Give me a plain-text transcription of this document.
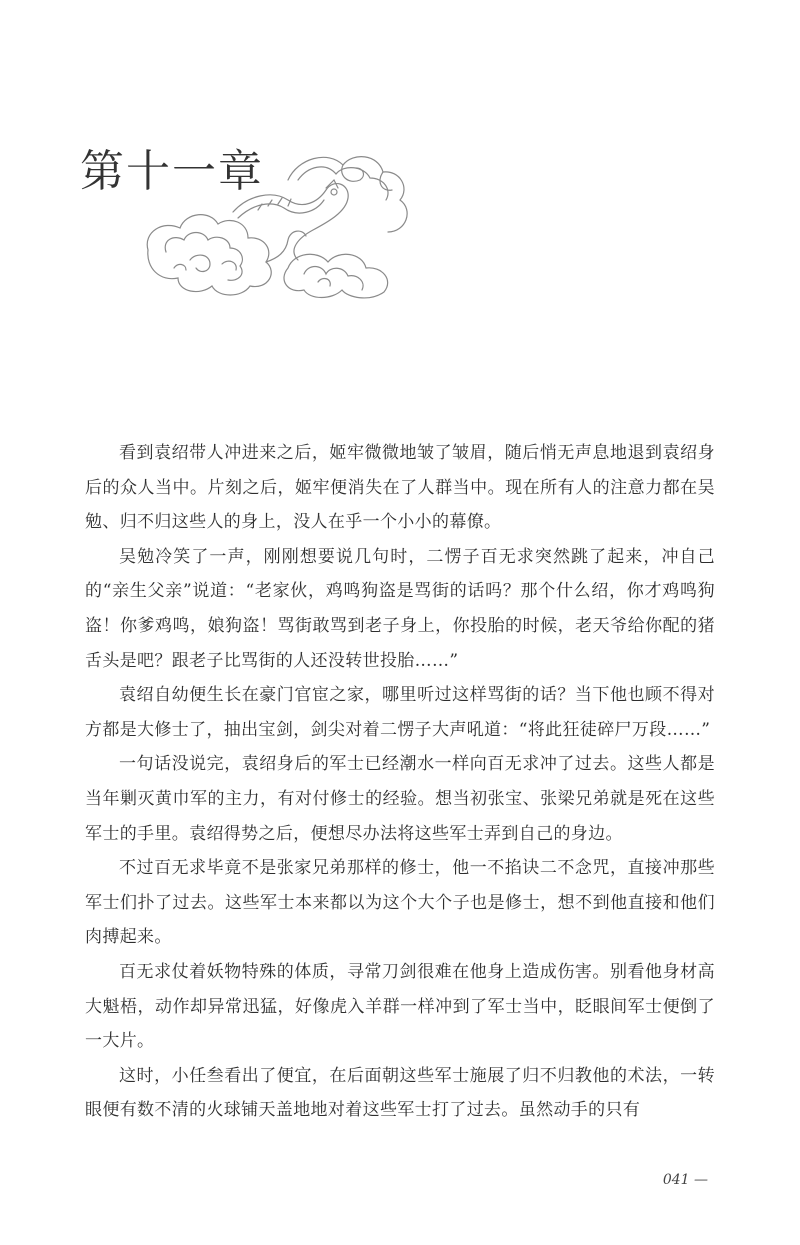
第十一章

看到袁绍带人冲进来之后，姬牢微微地皱了皱眉，随后悄无声息地退到袁绍身后的众人当中。片刻之后，姬牢便消失在了人群当中。现在所有人的注意力都在吴勉、归不归这些人的身上，没人在乎一个小小的幕僚。

吴勉冷笑了一声，刚刚想要说几句时，二愣子百无求突然跳了起来，冲自己的“亲生父亲”说道：“老家伙，鸡鸣狗盗是骂街的话吗？那个什么绍，你才鸡鸣狗盗！你爹鸡鸣，娘狗盗！骂街敢骂到老子身上，你投胎的时候，老天爷给你配的猪舌头是吧？跟老子比骂街的人还没转世投胎……”

袁绍自幼便生长在豪门官宦之家，哪里听过这样骂街的话？当下他也顾不得对方都是大修士了，抽出宝剑，剑尖对着二愣子大声吼道：“将此狂徒碎尸万段……”

一句话没说完，袁绍身后的军士已经潮水一样向百无求冲了过去。这些人都是当年剿灭黄巾军的主力，有对付修士的经验。想当初张宝、张梁兄弟就是死在这些军士的手里。袁绍得势之后，便想尽办法将这些军士弄到自己的身边。

不过百无求毕竟不是张家兄弟那样的修士，他一不掐诀二不念咒，直接冲那些军士们扑了过去。这些军士本来都以为这个大个子也是修士，想不到他直接和他们肉搏起来。

百无求仗着妖物特殊的体质，寻常刀剑很难在他身上造成伤害。别看他身材高大魁梧，动作却异常迅猛，好像虎入羊群一样冲到了军士当中，眨眼间军士便倒了一大片。

这时，小任叁看出了便宜，在后面朝这些军士施展了归不归教他的术法，一转眼便有数不清的火球铺天盖地地对着这些军士打了过去。虽然动手的只有

041 —
